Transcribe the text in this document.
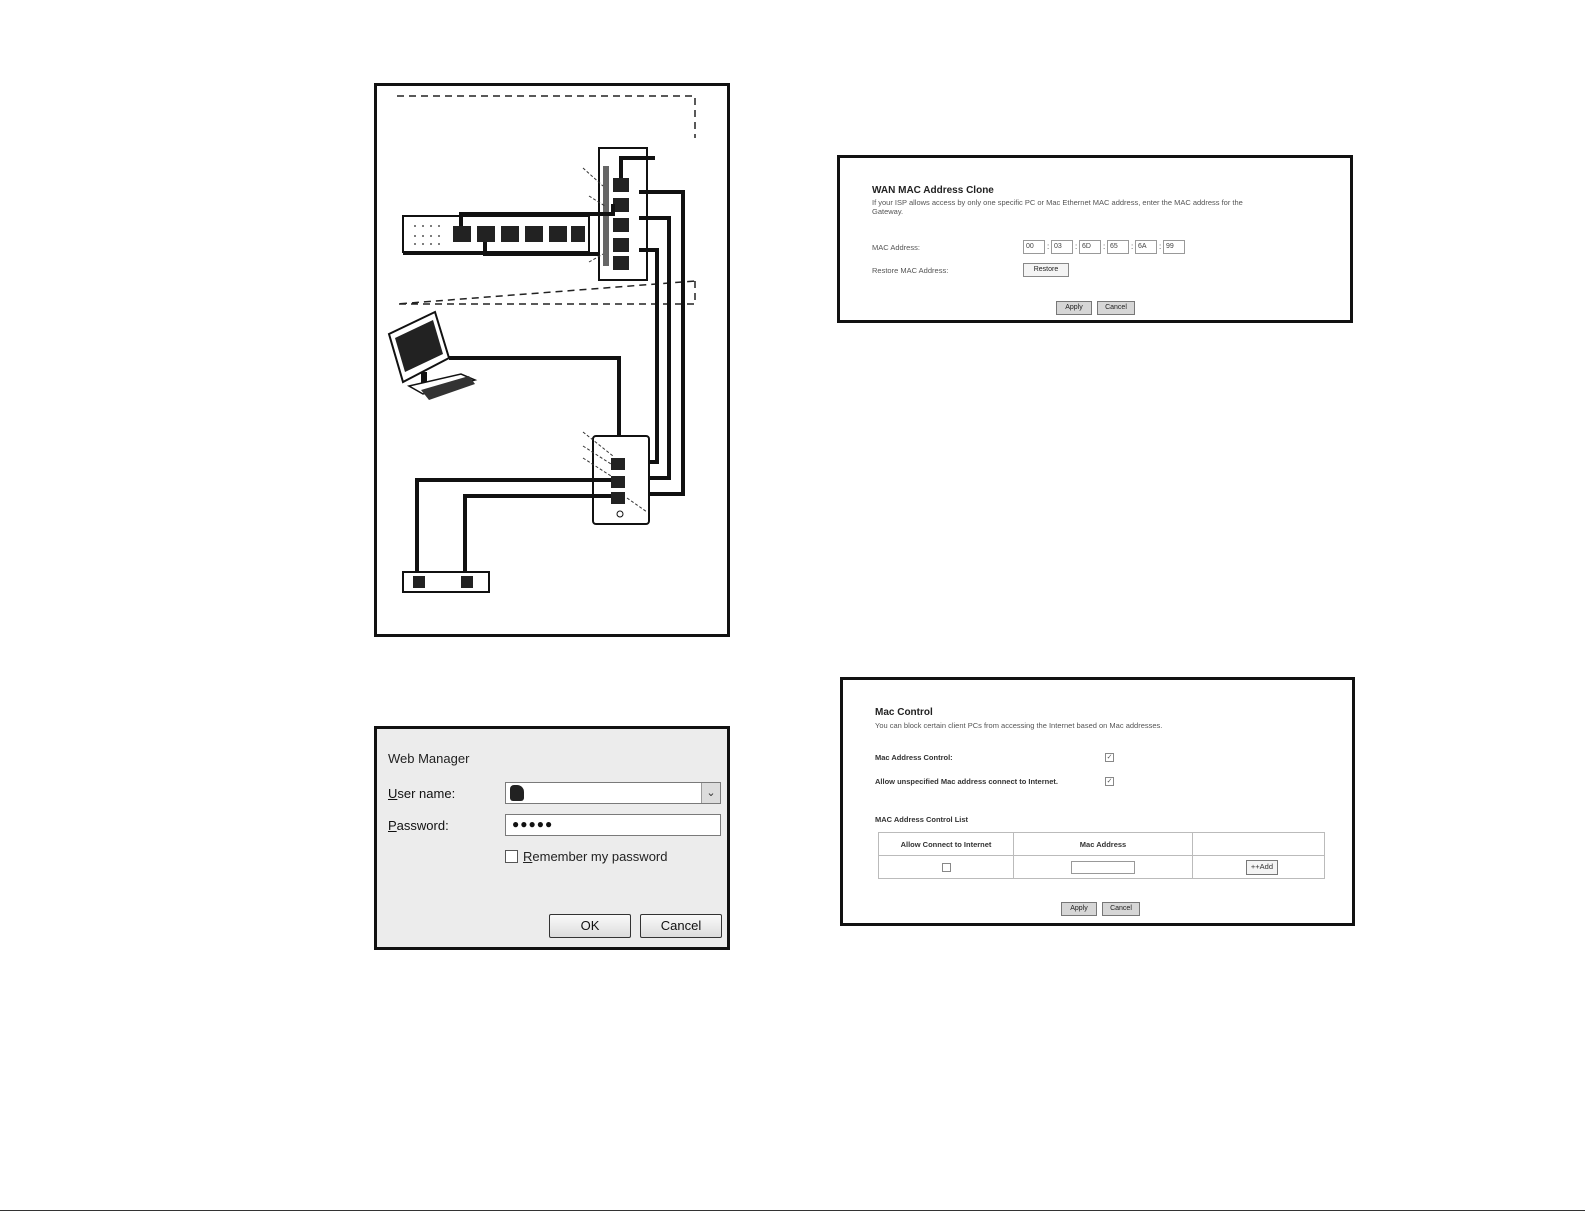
Web Manager
User name:	⌄
Password:	●●●●●
Remember my password
OK	Cancel
WAN MAC Address Clone
If your ISP allows access by only one specific PC or Mac Ethernet MAC address, enter the MAC address for the
Gateway.
MAC Address:	00	: 03	: 6D	: 65	: 6A	: 99
Restore MAC Address:	Restore
Apply	Cancel
Mac Control
You can block certain client PCs from accessing the Internet based on Mac addresses.
Mac Address Control:	✓
Allow unspecified Mac address connect to Internet.	✓
MAC Address Control List
Allow Connect to Internet	Mac Address	
		++Add
Apply	Cancel
